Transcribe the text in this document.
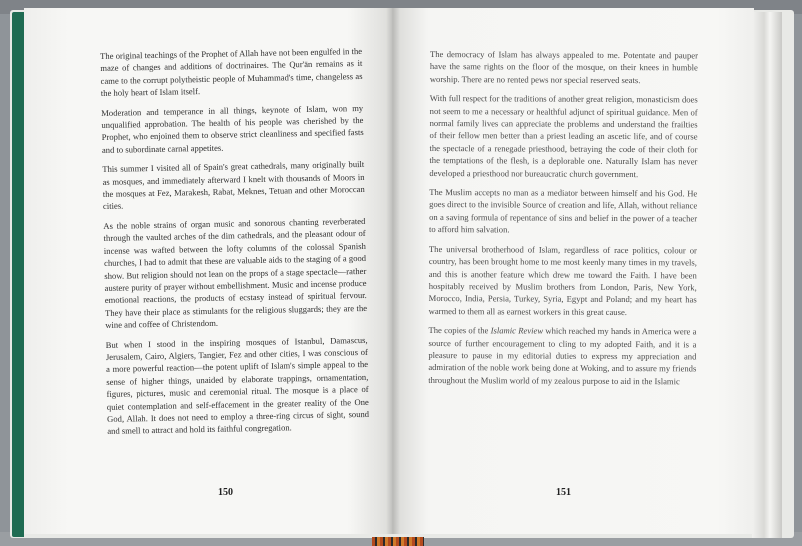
The original teachings of the Prophet of Allah have not been engulfed in the maze of changes and additions of doctrinaires. The Qur'ān remains as it came to the corrupt polytheistic people of Muhammad's time, changeless as the holy heart of Islam itself.

Moderation and temperance in all things, keynote of Islam, won my unqualified approbation. The health of his people was cherished by the Prophet, who enjoined them to observe strict cleanliness and specified fasts and to subordinate carnal appetites.

This summer I visited all of Spain's great cathedrals, many originally built as mosques, and immediately afterward I knelt with thousands of Moors in the mosques at Fez, Marakesh, Rabat, Meknes, Tetuan and other Moroccan cities.

As the noble strains of organ music and sonorous chanting reverberated through the vaulted arches of the dim cathedrals, and the pleasant odour of incense was wafted between the lofty columns of the colossal Spanish churches, I had to admit that these are valuable aids to the staging of a good show. But religion should not lean on the props of a stage spectacle—rather austere purity of prayer without embellishment. Music and incense produce emotional reactions, the products of ecstasy instead of spiritual fervour. They have their place as stimulants for the religious sluggards; they are the wine and coffee of Christendom.

But when I stood in the inspiring mosques of Istanbul, Damascus, Jerusalem, Cairo, Algiers, Tangier, Fez and other cities, I was conscious of a more powerful reaction—the potent uplift of Islam's simple appeal to the sense of higher things, unaided by elaborate trappings, ornamentation, figures, pictures, music and ceremonial ritual. The mosque is a place of quiet contemplation and self-effacement in the greater reality of the One God, Allah. It does not need to employ a three-ring circus of sight, sound and smell to attract and hold its faithful congregation.

The democracy of Islam has always appealed to me. Potentate and pauper have the same rights on the floor of the mosque, on their knees in humble worship. There are no rented pews nor special reserved seats.

With full respect for the traditions of another great religion, monasticism does not seem to me a necessary or healthful adjunct of spiritual guidance. Men of normal family lives can appreciate the problems and understand the frailties of their fellow men better than a priest leading an ascetic life, and of course the spectacle of a renegade priesthood, betraying the code of their cloth for the temptations of the flesh, is a deplorable one. Naturally Islam has never developed a priesthood nor bureaucratic church government.

The Muslim accepts no man as a mediator between himself and his God. He goes direct to the invisible Source of creation and life, Allah, without reliance on a saving formula of repentance of sins and belief in the power of a teacher to afford him salvation.

The universal brotherhood of Islam, regardless of race politics, colour or country, has been brought home to me most keenly many times in my travels, and this is another feature which drew me toward the Faith. I have been hospitably received by Muslim brothers from London, Paris, New York, Morocco, India, Persia, Turkey, Syria, Egypt and Poland; and my heart has warmed to them all as earnest workers in this great cause.

The copies of the Islamic Review which reached my hands in America were a source of further encouragement to cling to my adopted Faith, and it is a pleasure to pause in my editorial duties to express my appreciation and admiration of the noble work being done at Woking, and to assure my friends throughout the Muslim world of my zealous purpose to aid in the Islamic

150	151
